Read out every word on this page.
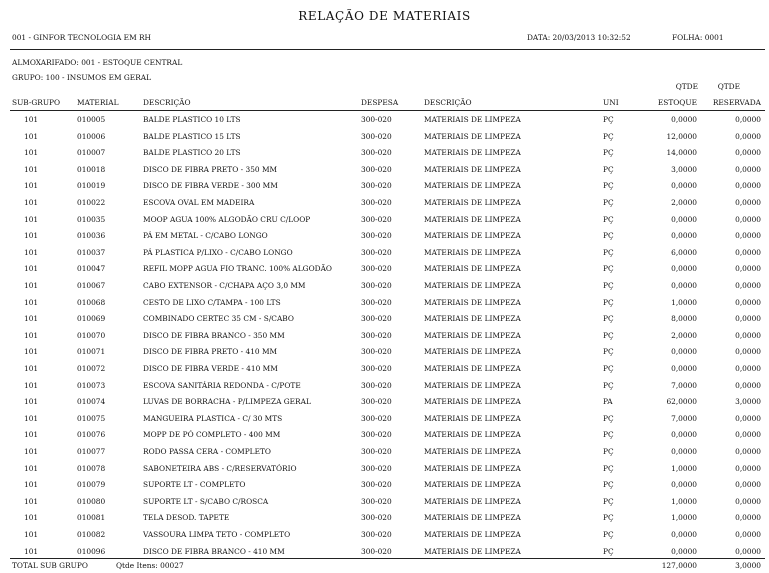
RELAÇÃO DE MATERIAIS
001 - GINFOR TECNOLOGIA EM RH	DATA: 20/03/2013 10:32:52	FOLHA: 0001
ALMOXARIFADO: 001 - ESTOQUE CENTRAL
GRUPO: 100 - INSUMOS EM GERAL
QTDE	QTDE
SUB-GRUPO MATERIAL	DESCRIÇÃO	DESPESA	DESCRIÇÃO	UNI	ESTOQUE	RESERVADA
101	010005	BALDE PLASTICO 10 LTS	300-020	MATERIAIS DE LIMPEZA	PÇ	0,0000	0,0000
101	010006	BALDE PLASTICO 15 LTS	300-020	MATERIAIS DE LIMPEZA	PÇ	12,0000	0,0000
101	010007	BALDE PLASTICO 20 LTS	300-020	MATERIAIS DE LIMPEZA	PÇ	14,0000	0,0000
101	010018	DISCO DE FIBRA PRETO - 350 MM	300-020	MATERIAIS DE LIMPEZA	PÇ	3,0000	0,0000
101	010019	DISCO DE FIBRA VERDE - 300 MM	300-020	MATERIAIS DE LIMPEZA	PÇ	0,0000	0,0000
101	010022	ESCOVA OVAL EM MADEIRA	300-020	MATERIAIS DE LIMPEZA	PÇ	2,0000	0,0000
101	010035	MOOP AGUA 100% ALGODÃO CRU C/LOOP	300-020	MATERIAIS DE LIMPEZA	PÇ	0,0000	0,0000
101	010036	PÁ EM METAL - C/CABO LONGO	300-020	MATERIAIS DE LIMPEZA	PÇ	0,0000	0,0000
101	010037	PÁ PLASTICA P/LIXO - C/CABO LONGO	300-020	MATERIAIS DE LIMPEZA	PÇ	6,0000	0,0000
101	010047	REFIL MOPP AGUA FIO TRANC. 100% ALGODÃO	300-020	MATERIAIS DE LIMPEZA	PÇ	0,0000	0,0000
101	010067	CABO EXTENSOR - C/CHAPA AÇO 3,0 MM	300-020	MATERIAIS DE LIMPEZA	PÇ	0,0000	0,0000
101	010068	CESTO DE LIXO C/TAMPA - 100 LTS	300-020	MATERIAIS DE LIMPEZA	PÇ	1,0000	0,0000
101	010069	COMBINADO CERTEC 35 CM - S/CABO	300-020	MATERIAIS DE LIMPEZA	PÇ	8,0000	0,0000
101	010070	DISCO DE FIBRA BRANCO - 350 MM	300-020	MATERIAIS DE LIMPEZA	PÇ	2,0000	0,0000
101	010071	DISCO DE FIBRA PRETO - 410 MM	300-020	MATERIAIS DE LIMPEZA	PÇ	0,0000	0,0000
101	010072	DISCO DE FIBRA VERDE - 410 MM	300-020	MATERIAIS DE LIMPEZA	PÇ	0,0000	0,0000
101	010073	ESCOVA SANITÁRIA REDONDA - C/POTE	300-020	MATERIAIS DE LIMPEZA	PÇ	7,0000	0,0000
101	010074	LUVAS DE BORRACHA - P/LIMPEZA GERAL	300-020	MATERIAIS DE LIMPEZA	PA	62,0000	3,0000
101	010075	MANGUEIRA PLASTICA - C/ 30 MTS	300-020	MATERIAIS DE LIMPEZA	PÇ	7,0000	0,0000
101	010076	MOPP DE PÓ COMPLETO - 400 MM	300-020	MATERIAIS DE LIMPEZA	PÇ	0,0000	0,0000
101	010077	RODO PASSA CERA - COMPLETO	300-020	MATERIAIS DE LIMPEZA	PÇ	0,0000	0,0000
101	010078	SABONETEIRA ABS - C/RESERVATÓRIO	300-020	MATERIAIS DE LIMPEZA	PÇ	1,0000	0,0000
101	010079	SUPORTE LT - COMPLETO	300-020	MATERIAIS DE LIMPEZA	PÇ	0,0000	0,0000
101	010080	SUPORTE LT - S/CABO C/ROSCA	300-020	MATERIAIS DE LIMPEZA	PÇ	1,0000	0,0000
101	010081	TELA DESOD. TAPETE	300-020	MATERIAIS DE LIMPEZA	PÇ	1,0000	0,0000
101	010082	VASSOURA LIMPA TETO - COMPLETO	300-020	MATERIAIS DE LIMPEZA	PÇ	0,0000	0,0000
101	010096	DISCO DE FIBRA BRANCO - 410 MM	300-020	MATERIAIS DE LIMPEZA	PÇ	0,0000	0,0000
TOTAL SUB GRUPO	Qtde Itens: 00027	127,0000	3,0000
